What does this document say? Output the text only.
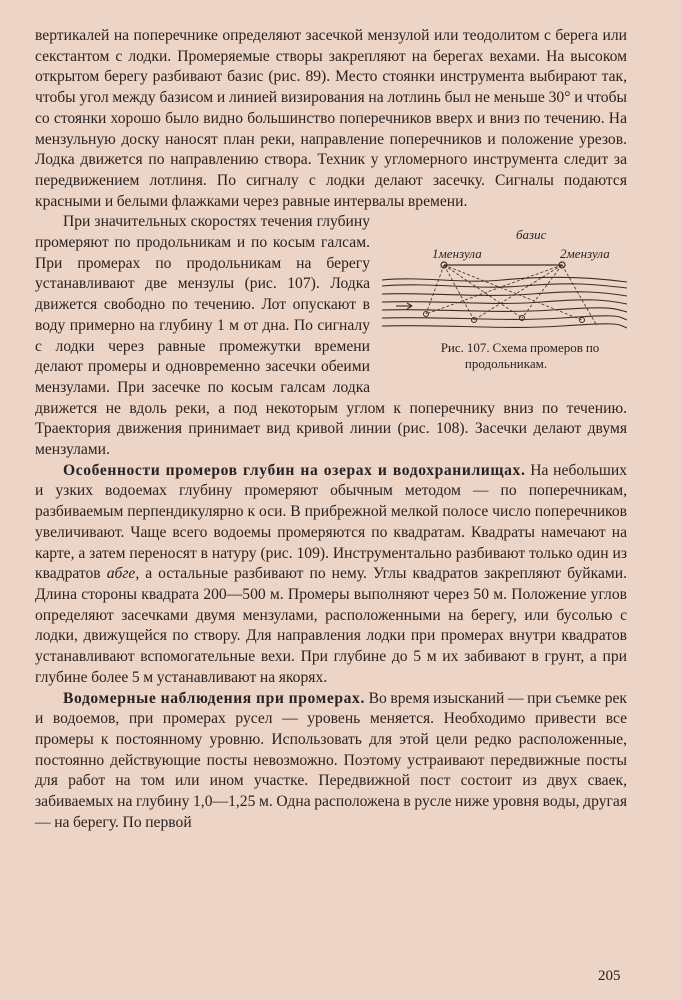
вертикалей на поперечнике определяют засечкой мензулой или теодолитом с берега или секстантом с лодки. Промеряемые створы закрепляют на берегах вехами. На высоком открытом берегу разбивают базис (рис. 89). Место стоянки инструмента выбирают так, чтобы угол между базисом и линией визирования на лотлинь был не меньше 30° и чтобы со стоянки хорошо было видно большинство поперечников вверх и вниз по течению. На мензульную доску наносят план реки, направление поперечников и положение урезов. Лодка движется по направлению створа. Техник у угломерного инструмента следит за передвижением лотлиня. По сигналу с лодки делают засечку. Сигналы подаются красными и белыми флажками через равные интервалы времени.

базис
1мензула	2мензула
Рис. 107. Схема промеров по продольникам.
При значительных скоростях течения глубину промеряют по продольникам и по косым галсам. При промерах по продольникам на берегу устанавливают две мензулы (рис. 107). Лодка движется свободно по течению. Лот опускают в воду примерно на глубину 1 м от дна. По сигналу с лодки через равные промежутки времени делают промеры и одновременно засечки обеими мензулами. При засечке по косым галсам лодка движется не вдоль реки, а под некоторым углом к поперечнику вниз по течению. Траектория движения принимает вид кривой линии (рис. 108). Засечки делают двумя мензулами.

Особенности промеров глубин на озерах и водохранилищах. На небольших и узких водоемах глубину промеряют обычным методом — по поперечникам, разбиваемым перпендикулярно к оси. В прибрежной мелкой полосе число поперечников увеличивают. Чаще всего водоемы промеряются по квадратам. Квадраты намечают на карте, а затем переносят в натуру (рис. 109). Инструментально разбивают только один из квадратов абге, а остальные разбивают по нему. Углы квадратов закрепляют буйками. Длина стороны квадрата 200—500 м. Промеры выполняют через 50 м. Положение углов определяют засечками двумя мензулами, расположенными на берегу, или бусолью с лодки, движущейся по створу. Для направления лодки при промерах внутри квадратов устанавливают вспомогательные вехи. При глубине до 5 м их забивают в грунт, а при глубине более 5 м устанавливают на якорях.

Водомерные наблюдения при промерах. Во время изысканий — при съемке рек и водоемов, при промерах русел — уровень меняется. Необходимо привести все промеры к постоянному уровню. Использовать для этой цели редко расположенные, постоянно действующие посты невозможно. Поэтому устраивают передвижные посты для работ на том или ином участке. Передвижной пост состоит из двух сваек, забиваемых на глубину 1,0—1,25 м. Одна расположена в русле ниже уровня воды, другая — на берегу. По первой

205
